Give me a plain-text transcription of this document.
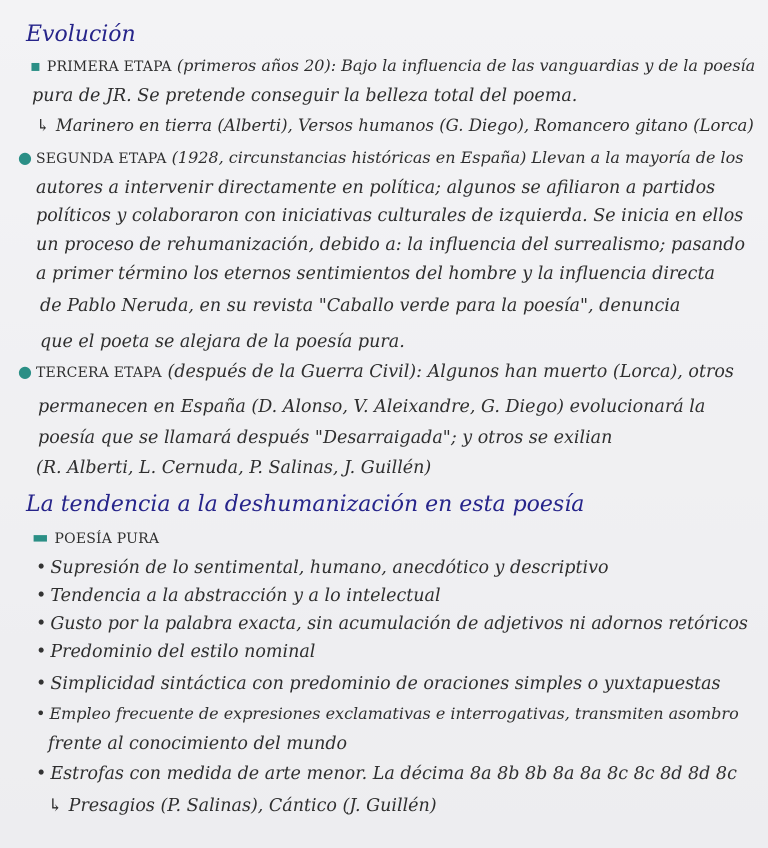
Evolución
▪ PRIMERA ETAPA (primeros años 20): Bajo la influencia de las vanguardias y de la poesía
pura de JR. Se pretende conseguir la belleza total del poema.
↳ Marinero en tierra (Alberti), Versos humanos (G. Diego), Romancero gitano (Lorca)
● SEGUNDA ETAPA (1928, circunstancias históricas en España) Llevan a la mayoría de los
autores a intervenir directamente en política; algunos se afiliaron a partidos
políticos y colaboraron con iniciativas culturales de izquierda. Se inicia en ellos
un proceso de rehumanización, debido a: la influencia del surrealismo; pasando
a primer término los eternos sentimientos del hombre y la influencia directa
de Pablo Neruda, en su revista "Caballo verde para la poesía", denuncia
que el poeta se alejara de la poesía pura.
● TERCERA ETAPA (después de la Guerra Civil): Algunos han muerto (Lorca), otros
permanecen en España (D. Alonso, V. Aleixandre, G. Diego) evolucionará la
poesía que se llamará después "Desarraigada"; y otros se exilian
(R. Alberti, L. Cernuda, P. Salinas, J. Guillén)
La tendencia a la deshumanización en esta poesía
▬ POESÍA PURA
• Supresión de lo sentimental, humano, anecdótico y descriptivo
• Tendencia a la abstracción y a lo intelectual
• Gusto por la palabra exacta, sin acumulación de adjetivos ni adornos retóricos
• Predominio del estilo nominal
• Simplicidad sintáctica con predominio de oraciones simples o yuxtapuestas
• Empleo frecuente de expresiones exclamativas e interrogativas, transmiten asombro
frente al conocimiento del mundo
• Estrofas con medida de arte menor. La décima 8a 8b 8b 8a 8a 8c 8c 8d 8d 8c
↳ Presagios (P. Salinas), Cántico (J. Guillén)
